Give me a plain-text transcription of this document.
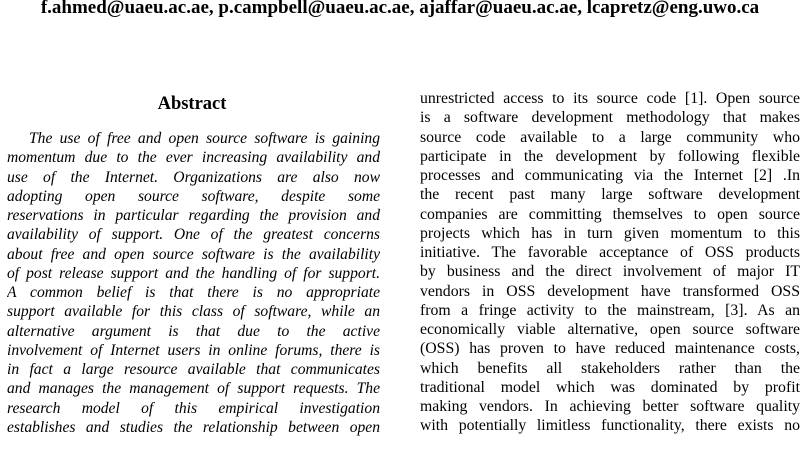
f.ahmed@uaeu.ac.ae, p.campbell@uaeu.ac.ae, ajaffar@uaeu.ac.ae, lcapretz@eng.uwo.ca
Abstract
The use of free and open source software is gaining
momentum due to the ever increasing availability and
use of the Internet. Organizations are also now
adopting open source software, despite some
reservations in particular regarding the provision and
availability of support. One of the greatest concerns
about free and open source software is the availability
of post release support and the handling of for support.
A common belief is that there is no appropriate
support available for this class of software, while an
alternative argument is that due to the active
involvement of Internet users in online forums, there is
in fact a large resource available that communicates
and manages the management of support requests. The
research model of this empirical investigation
establishes and studies the relationship between open
unrestricted access to its source code [1]. Open source
is a software development methodology that makes
source code available to a large community who
participate in the development by following flexible
processes and communicating via the Internet [2] .In
the recent past many large software development
companies are committing themselves to open source
projects which has in turn given momentum to this
initiative. The favorable acceptance of OSS products
by business and the direct involvement of major IT
vendors in OSS development have transformed OSS
from a fringe activity to the mainstream, [3]. As an
economically viable alternative, open source software
(OSS) has proven to have reduced maintenance costs,
which benefits all stakeholders rather than the
traditional model which was dominated by profit
making vendors. In achieving better software quality
with potentially limitless functionality, there exists no
